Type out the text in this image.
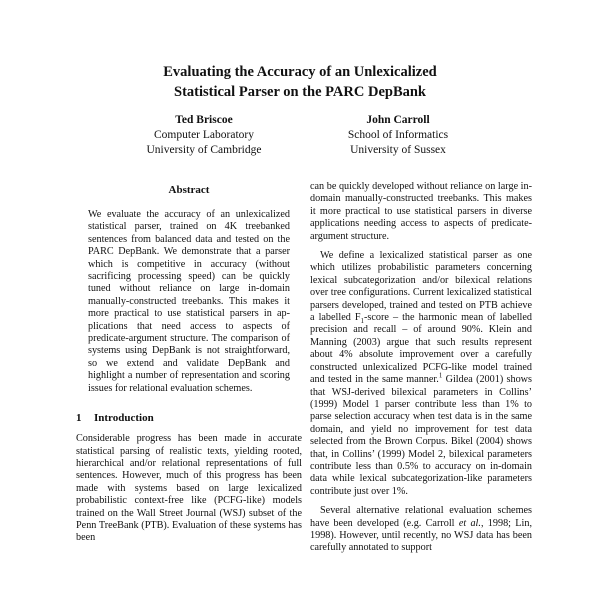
Evaluating the Accuracy of an Unlexicalized
Statistical Parser on the PARC DepBank
Ted Briscoe
Computer Laboratory
University of Cambridge
John Carroll
School of Informatics
University of Sussex
Abstract

We evaluate the accuracy of an unlexicalized statistical parser, trained on 4K treebanked sentences from balanced data and tested on the PARC DepBank. We demonstrate that a parser which is competitive in accuracy (without sacrificing processing speed) can be quickly tuned without reliance on large in-domain manually-constructed treebanks. This makes it more practical to use statistical parsers in applications that need access to aspects of predicate-argument structure. The comparison of systems using DepBank is not straightforward, so we extend and validate DepBank and highlight a number of representation and scoring issues for relational evaluation schemes.

1 Introduction

Considerable progress has been made in accurate statistical parsing of realistic texts, yielding rooted, hierarchical and/or relational representations of full sentences. However, much of this progress has been made with systems based on large lexicalized probabilistic context-free like (PCFG-like) models trained on the Wall Street Journal (WSJ) subset of the Penn TreeBank (PTB). Evaluation of these systems has been

can be quickly developed without reliance on large in-domain manually-constructed treebanks. This makes it more practical to use statistical parsers in diverse applications needing access to aspects of predicate-argument structure.

We define a lexicalized statistical parser as one which utilizes probabilistic parameters concerning lexical subcategorization and/or bilexical relations over tree configurations. Current lexicalized statistical parsers developed, trained and tested on PTB achieve a labelled $F_1$-score – the harmonic mean of labelled precision and recall – of around 90%. Klein and Manning (2003) argue that such results represent about 4% absolute improvement over a carefully constructed unlexicalized PCFG-like model trained and tested in the same manner.$^1$ Gildea (2001) shows that WSJ-derived bilexical parameters in Collins’ (1999) Model 1 parser contribute less than 1% to parse selection accuracy when test data is in the same domain, and yield no improvement for test data selected from the Brown Corpus. Bikel (2004) shows that, in Collins’ (1999) Model 2, bilexical parameters contribute less than 0.5% to accuracy on in-domain data while lexical subcategorization-like parameters contribute just over 1%.

Several alternative relational evaluation schemes have been developed (e.g. Carroll et al., 1998; Lin, 1998). However, until recently, no WSJ data has been carefully annotated to support
